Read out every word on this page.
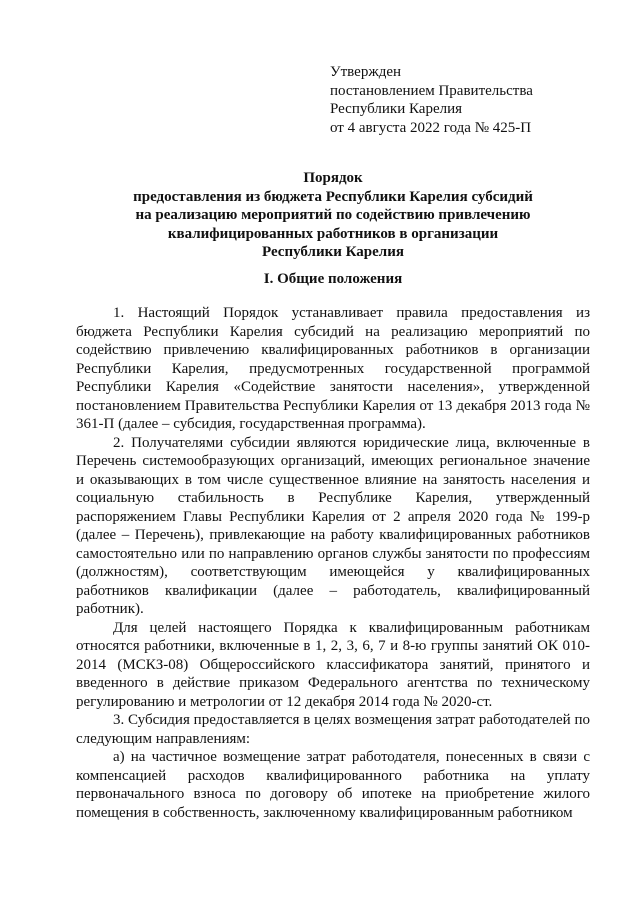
Утвержден
постановлением Правительства
Республики Карелия
от 4 августа 2022 года № 425-П
Порядок
предоставления из бюджета Республики Карелия субсидий
на реализацию мероприятий по содействию привлечению
квалифицированных работников в организации
Республики Карелия
I. Общие положения

1. Настоящий Порядок устанавливает правила предоставления из бюджета Республики Карелия субсидий на реализацию мероприятий по содействию привлечению квалифицированных работников в организации Республики Карелия, предусмотренных государственной программой Республики Карелия «Содействие занятости населения», утвержденной постановлением Правительства Республики Карелия от 13 декабря 2013 года № 361-П (далее – субсидия, государственная программа).

2. Получателями субсидии являются юридические лица, включенные в Перечень системообразующих организаций, имеющих региональное значение и оказывающих в том числе существенное влияние на занятость населения и социальную стабильность в Республике Карелия, утвержденный распоряжением Главы Республики Карелия от 2 апреля 2020 года № 199-р (далее – Перечень), привлекающие на работу квалифицированных работников самостоятельно или по направлению органов службы занятости по профессиям (должностям), соответствующим имеющейся у квалифицированных работников квалификации (далее – работодатель, квалифицированный работник).

Для целей настоящего Порядка к квалифицированным работникам относятся работники, включенные в 1, 2, 3, 6, 7 и 8-ю группы занятий ОК 010-2014 (МСКЗ-08) Общероссийского классификатора занятий, принятого и введенного в действие приказом Федерального агентства по техническому регулированию и метрологии от 12 декабря 2014 года № 2020-ст.

3. Субсидия предоставляется в целях возмещения затрат работодателей по следующим направлениям:

а) на частичное возмещение затрат работодателя, понесенных в связи с компенсацией расходов квалифицированного работника на уплату первоначального взноса по договору об ипотеке на приобретение жилого помещения в собственность, заключенному квалифицированным работником
